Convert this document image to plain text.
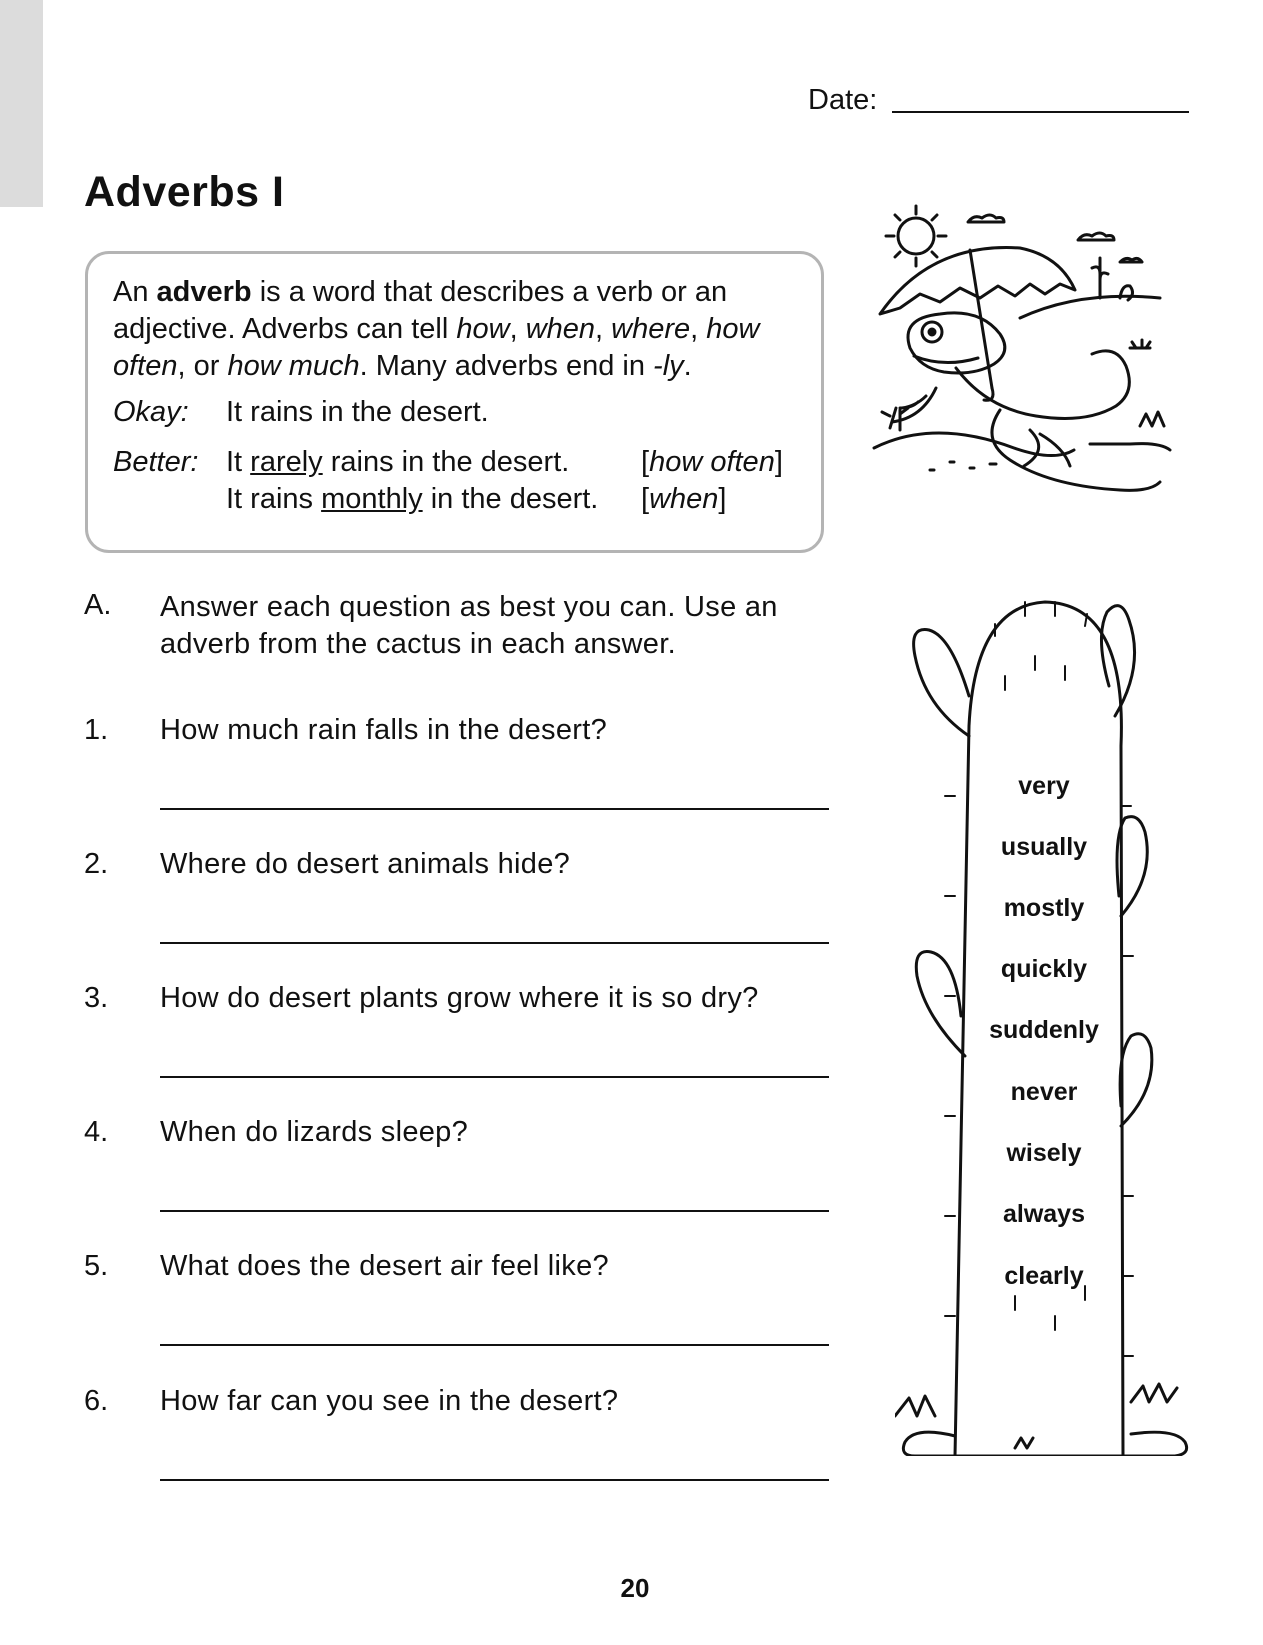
Date:
Adverbs I
An adverb is a word that describes a verb or an adjective. Adverbs can tell how, when, where, how often, or how much. Many adverbs end in -ly.
Okay: It rains in the desert.
Better: It rarely rains in the desert. [how often]
It rains monthly in the desert. [when]
A. Answer each question as best you can. Use an adverb from the cactus in each answer.
1. How much rain falls in the desert?
2. Where do desert animals hide?
3. How do desert plants grow where it is so dry?
4. When do lizards sleep?
5. What does the desert air feel like?
6. How far can you see in the desert?
very
usually
mostly
quickly
suddenly
never
wisely
always
clearly
20
